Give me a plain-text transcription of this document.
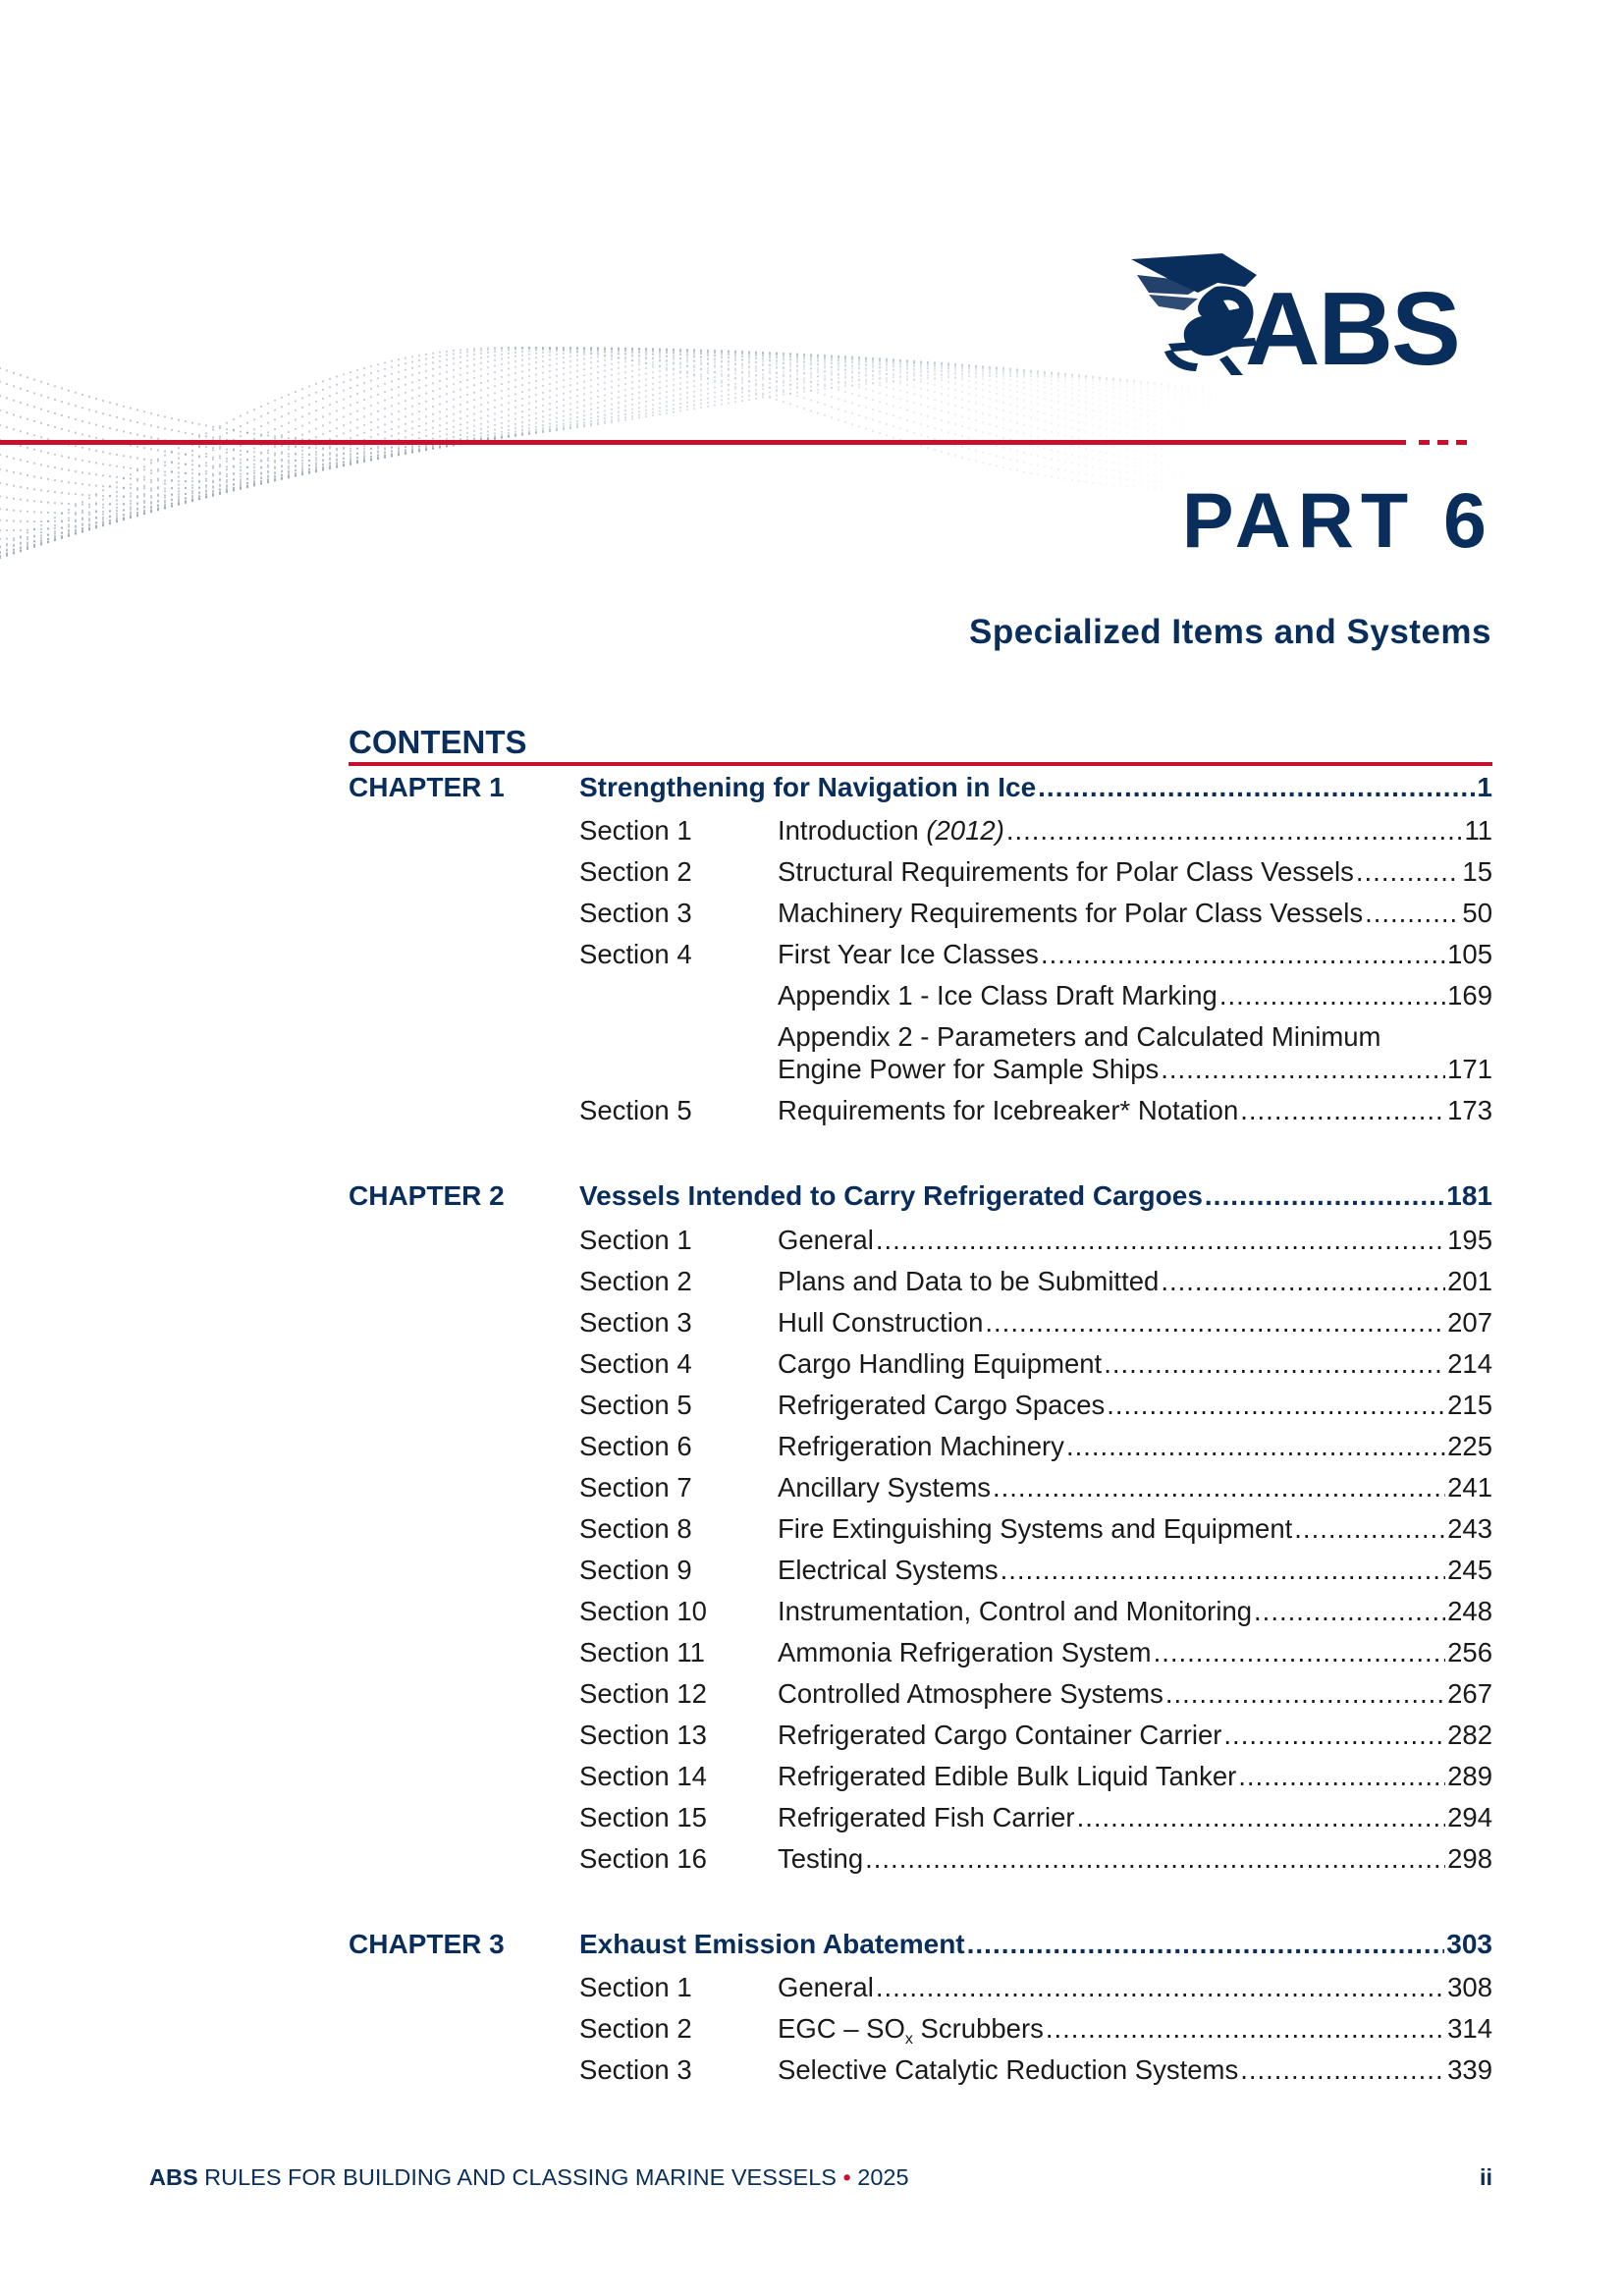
ABS
PART 6
Specialized Items and Systems
CONTENTS
CHAPTER 1	Strengthening for Navigation in Ice .....	1
Section 1	Introduction (2012) .....	11
Section 2	Structural Requirements for Polar Class Vessels .....	15
Section 3	Machinery Requirements for Polar Class Vessels .....	50
Section 4	First Year Ice Classes .....	105
Appendix 1 - Ice Class Draft Marking .....	169
Appendix 2 - Parameters and Calculated Minimum
Engine Power for Sample Ships .....	171
Section 5	Requirements for Icebreaker* Notation .....	173
CHAPTER 2	Vessels Intended to Carry Refrigerated Cargoes .....	181
Section 1	General .....	195
Section 2	Plans and Data to be Submitted .....	201
Section 3	Hull Construction .....	207
Section 4	Cargo Handling Equipment .....	214
Section 5	Refrigerated Cargo Spaces .....	215
Section 6	Refrigeration Machinery .....	225
Section 7	Ancillary Systems .....	241
Section 8	Fire Extinguishing Systems and Equipment .....	243
Section 9	Electrical Systems .....	245
Section 10	Instrumentation, Control and Monitoring .....	248
Section 11	Ammonia Refrigeration System .....	256
Section 12	Controlled Atmosphere Systems .....	267
Section 13	Refrigerated Cargo Container Carrier .....	282
Section 14	Refrigerated Edible Bulk Liquid Tanker .....	289
Section 15	Refrigerated Fish Carrier .....	294
Section 16	Testing .....	298
CHAPTER 3	Exhaust Emission Abatement .....	303
Section 1	General .....	308
Section 2	EGC – $SO_x$ Scrubbers .....	314
Section 3	Selective Catalytic Reduction Systems .....	339
ABS RULES FOR BUILDING AND CLASSING MARINE VESSELS • 2025	ii
